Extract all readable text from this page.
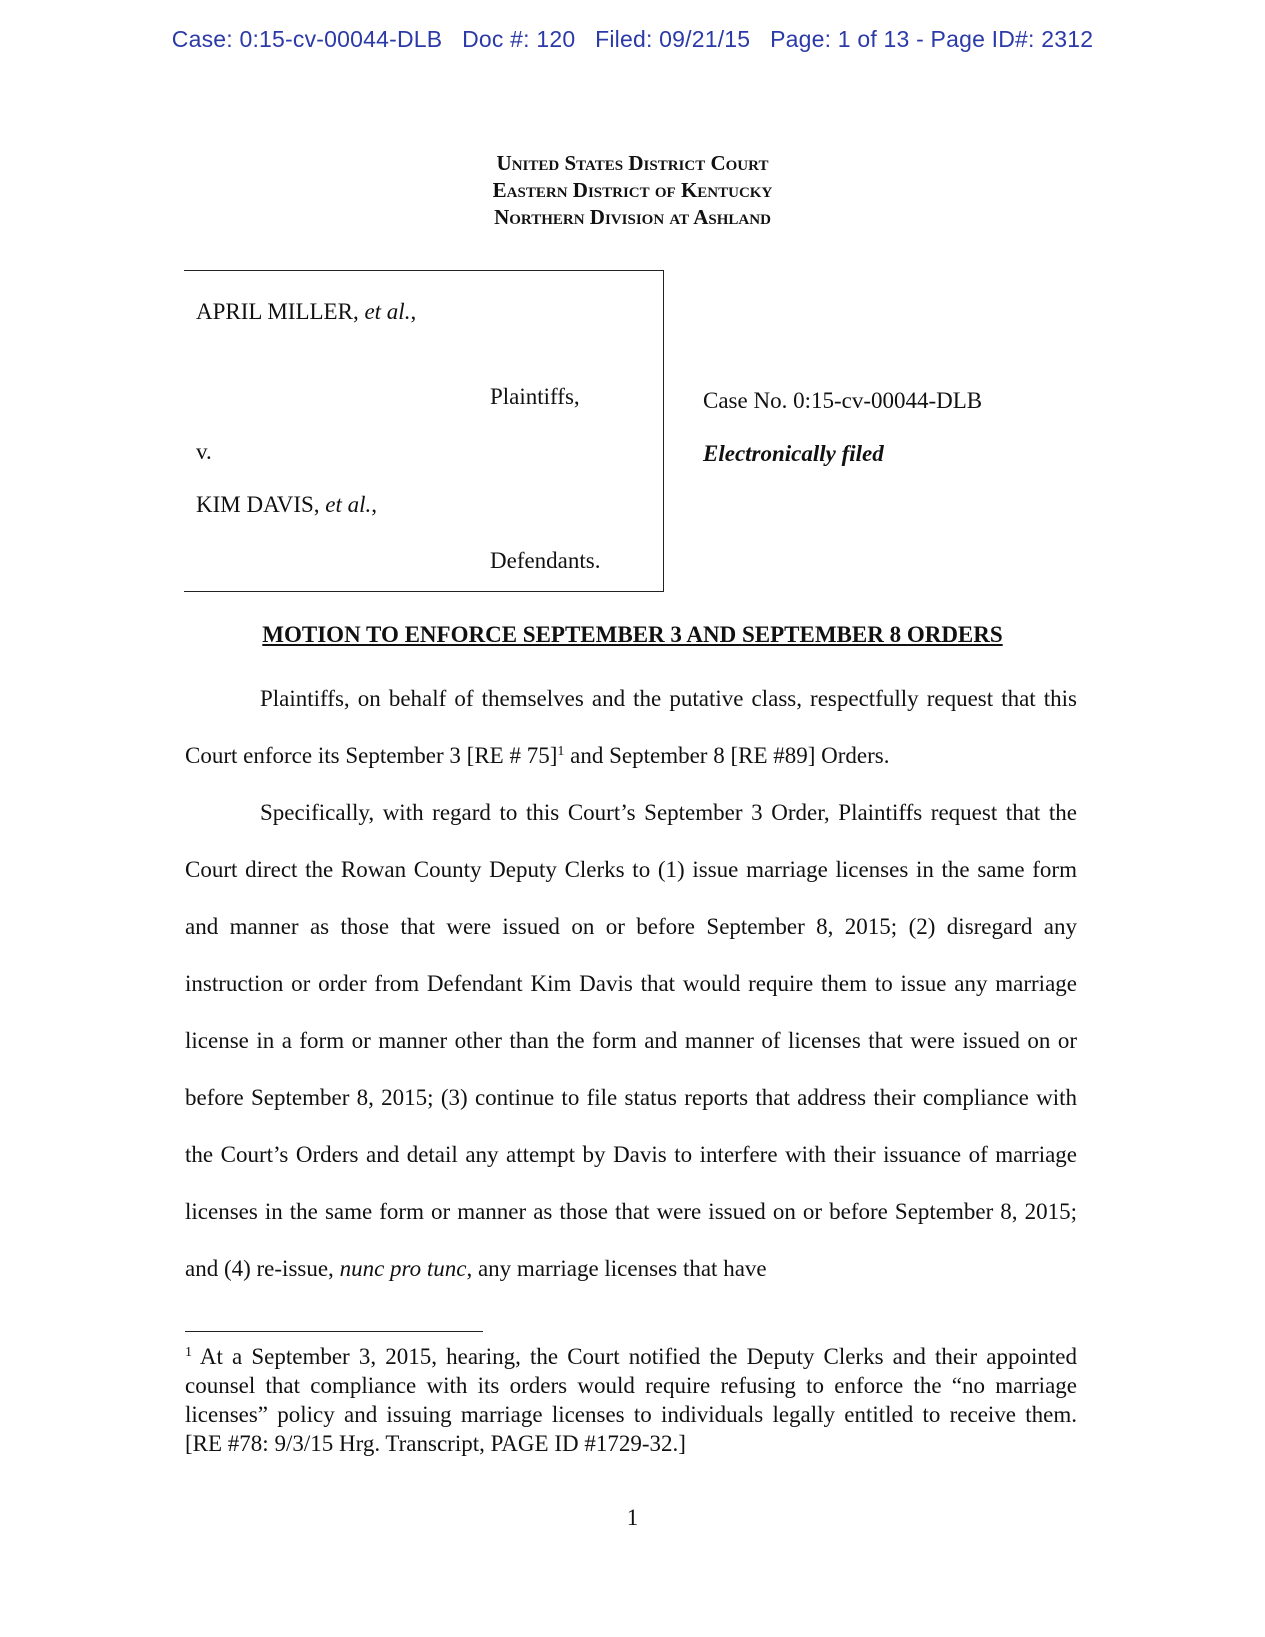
Case: 0:15-cv-00044-DLB Doc #: 120 Filed: 09/21/15 Page: 1 of 13 - Page ID#: 2312
United States District Court
Eastern District of Kentucky
Northern Division at Ashland
APRIL MILLER, et al.,
Plaintiffs,
v.
KIM DAVIS, et al.,
Defendants.
Case No. 0:15-cv-00044-DLB
Electronically filed
MOTION TO ENFORCE SEPTEMBER 3 AND SEPTEMBER 8 ORDERS

Plaintiffs, on behalf of themselves and the putative class, respectfully request that this Court enforce its September 3 [RE # 75]$^1$ and September 8 [RE #89] Orders.

Specifically, with regard to this Court’s September 3 Order, Plaintiffs request that the Court direct the Rowan County Deputy Clerks to (1) issue marriage licenses in the same form and manner as those that were issued on or before September 8, 2015; (2) disregard any instruction or order from Defendant Kim Davis that would require them to issue any marriage license in a form or manner other than the form and manner of licenses that were issued on or before September 8, 2015; (3) continue to file status reports that address their compliance with the Court’s Orders and detail any attempt by Davis to interfere with their issuance of marriage licenses in the same form or manner as those that were issued on or before September 8, 2015; and (4) re-issue, nunc pro tunc, any marriage licenses that have

$^1$ At a September 3, 2015, hearing, the Court notified the Deputy Clerks and their appointed counsel that compliance with its orders would require refusing to enforce the “no marriage licenses” policy and issuing marriage licenses to individuals legally entitled to receive them. [RE #78: 9/3/15 Hrg. Transcript, PAGE ID #1729-32.]
1
